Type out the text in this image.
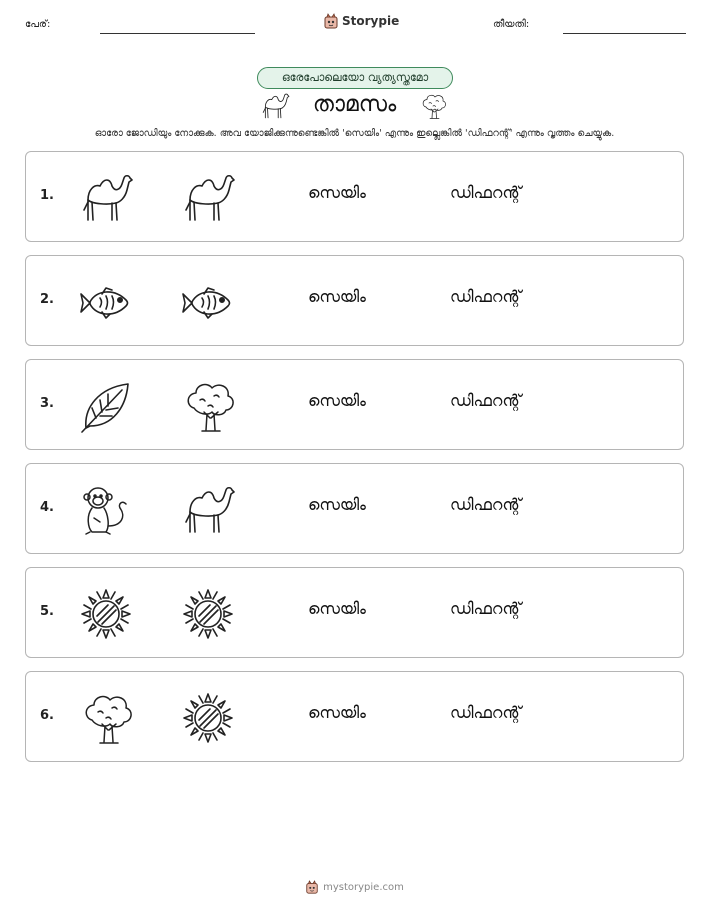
പേര്:	Storypie	തീയതി:
ഒരേപോലെയോ വ്യത്യസ്തമോ
താമസം
ഓരോ ജോഡിയും നോക്കുക. അവ യോജിക്കുന്നുണ്ടെങ്കിൽ 'സെയിം' എന്നും ഇല്ലെങ്കിൽ 'ഡിഫറന്റ്' എന്നും വൃത്തം ചെയ്യുക.
1.	സെയിം	ഡിഫറന്റ്
2.	സെയിം	ഡിഫറന്റ്
3.	സെയിം	ഡിഫറന്റ്
4.	സെയിം	ഡിഫറന്റ്
5.	സെയിം	ഡിഫറന്റ്
6.	സെയിം	ഡിഫറന്റ്
mystorypie.com
